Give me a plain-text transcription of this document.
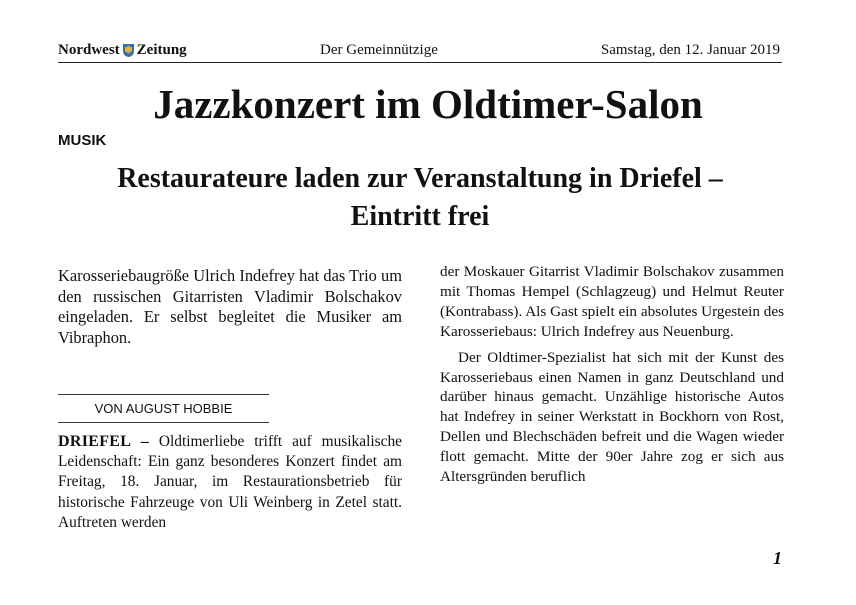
Nordwest Zeitung	Der Gemeinnützige	Samstag, den 12. Januar 2019
Jazzkonzert im Oldtimer-Salon
MUSIK
Restaurateure laden zur Veranstaltung in Driefel – Eintritt frei

Karosseriebaugröße Ulrich Indefrey hat das Trio um den russischen Gitarristen Vladimir Bolschakov eingeladen. Er selbst begleitet die Musiker am Vibraphon.

VON AUGUST HOBBIE

DRIEFEL – Oldtimerliebe trifft auf musikalische Leidenschaft: Ein ganz besonderes Konzert findet am Freitag, 18. Januar, im Restaurationsbetrieb für historische Fahrzeuge von Uli Weinberg in Zetel statt. Auftreten werden

der Moskauer Gitarrist Vladimir Bolschakov zusammen mit Thomas Hempel (Schlagzeug) und Helmut Reuter (Kontrabass). Als Gast spielt ein absolutes Urgestein des Karosseriebaus: Ulrich Indefrey aus Neuenburg.

Der Oldtimer-Spezialist hat sich mit der Kunst des Karosseriebaus einen Namen in ganz Deutschland und darüber hinaus gemacht. Unzählige historische Autos hat Indefrey in seiner Werkstatt in Bockhorn von Rost, Dellen und Blechschäden befreit und die Wagen wieder flott gemacht. Mitte der 90er Jahre zog er sich aus Altersgründen beruflich

1
